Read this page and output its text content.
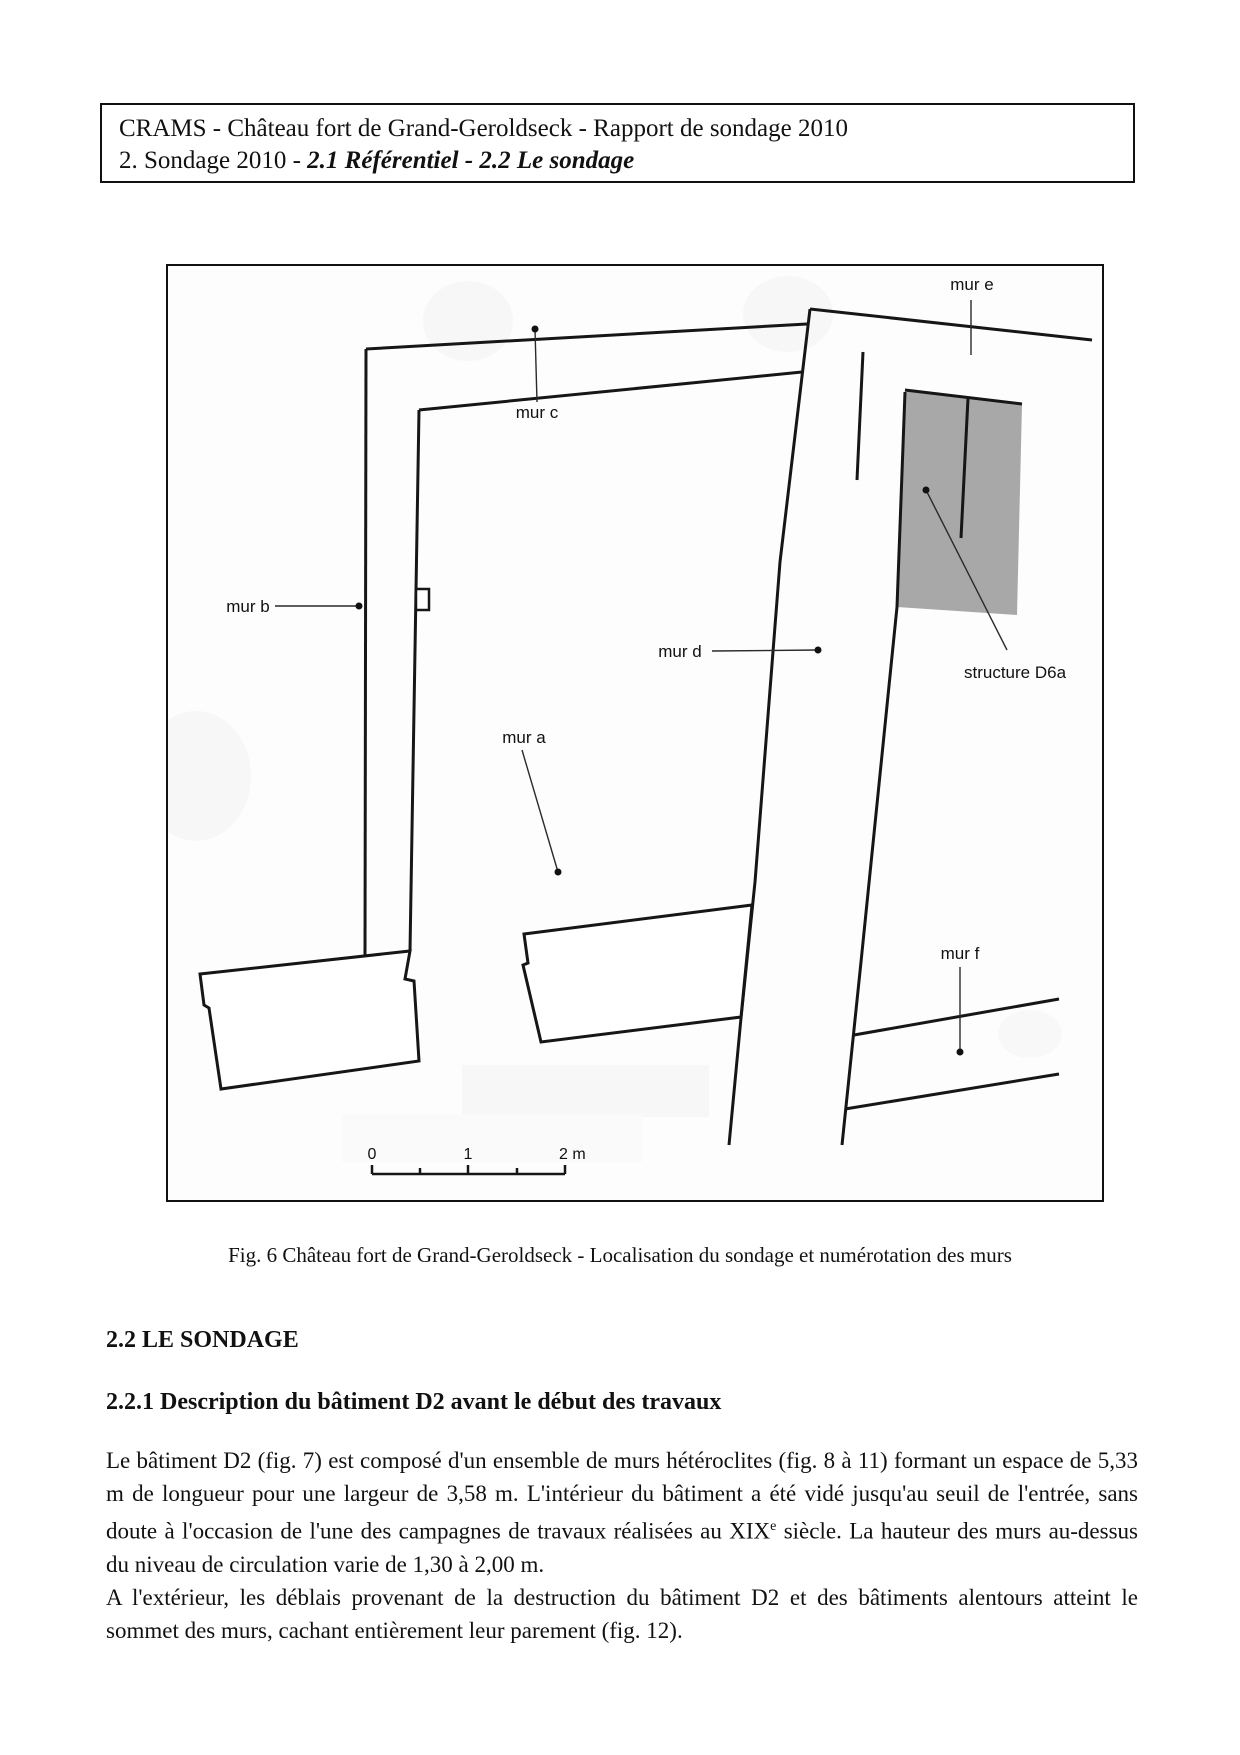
CRAMS - Château fort de Grand-Geroldseck - Rapport de sondage 2010
2. Sondage 2010 - 2.1 Référentiel - 2.2 Le sondage
mur e
mur c
mur b
mur d
mur a
mur f
structure D6a
0	1	2 m
Fig. 6 Château fort de Grand-Geroldseck - Localisation du sondage et numérotation des murs
2.2 LE SONDAGE
2.2.1 Description du bâtiment D2 avant le début des travaux
Le bâtiment D2 (fig. 7) est composé d'un ensemble de murs hétéroclites (fig. 8 à 11) formant un espace de 5,33 m de longueur pour une largeur de 3,58 m. L'intérieur du bâtiment a été vidé jusqu'au seuil de l'entrée, sans doute à l'occasion de l'une des campagnes de travaux réalisées au XIXe siècle. La hauteur des murs au-dessus du niveau de circulation varie de 1,30 à 2,00 m.
A l'extérieur, les déblais provenant de la destruction du bâtiment D2 et des bâtiments alentours atteint le sommet des murs, cachant entièrement leur parement (fig. 12).
